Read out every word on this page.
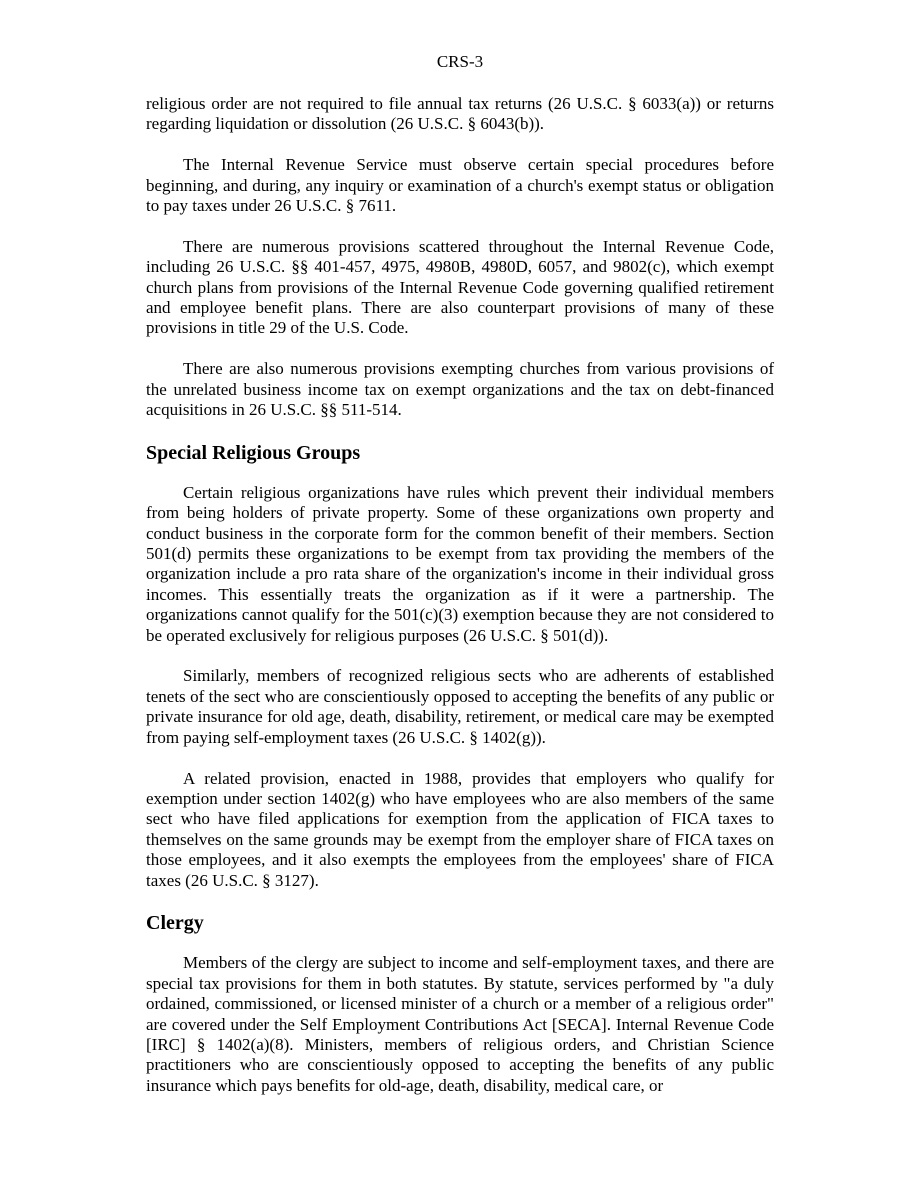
CRS-3

religious order are not required to file annual tax returns (26 U.S.C. § 6033(a)) or returns regarding liquidation or dissolution (26 U.S.C. § 6043(b)).

The Internal Revenue Service must observe certain special procedures before beginning, and during, any inquiry or examination of a church's exempt status or obligation to pay taxes under 26 U.S.C. § 7611.

There are numerous provisions scattered throughout the Internal Revenue Code, including 26 U.S.C. §§ 401-457, 4975, 4980B, 4980D, 6057, and 9802(c), which exempt church plans from provisions of the Internal Revenue Code governing qualified retirement and employee benefit plans. There are also counterpart provisions of many of these provisions in title 29 of the U.S. Code.

There are also numerous provisions exempting churches from various provisions of the unrelated business income tax on exempt organizations and the tax on debt-financed acquisitions in 26 U.S.C. §§ 511-514.

Special Religious Groups

Certain religious organizations have rules which prevent their individual members from being holders of private property. Some of these organizations own property and conduct business in the corporate form for the common benefit of their members. Section 501(d) permits these organizations to be exempt from tax providing the members of the organization include a pro rata share of the organization's income in their individual gross incomes. This essentially treats the organization as if it were a partnership. The organizations cannot qualify for the 501(c)(3) exemption because they are not considered to be operated exclusively for religious purposes (26 U.S.C. § 501(d)).

Similarly, members of recognized religious sects who are adherents of established tenets of the sect who are conscientiously opposed to accepting the benefits of any public or private insurance for old age, death, disability, retirement, or medical care may be exempted from paying self-employment taxes (26 U.S.C. § 1402(g)).

A related provision, enacted in 1988, provides that employers who qualify for exemption under section 1402(g) who have employees who are also members of the same sect who have filed applications for exemption from the application of FICA taxes to themselves on the same grounds may be exempt from the employer share of FICA taxes on those employees, and it also exempts the employees from the employees' share of FICA taxes (26 U.S.C. § 3127).

Clergy

Members of the clergy are subject to income and self-employment taxes, and there are special tax provisions for them in both statutes. By statute, services performed by "a duly ordained, commissioned, or licensed minister of a church or a member of a religious order" are covered under the Self Employment Contributions Act [SECA]. Internal Revenue Code [IRC] § 1402(a)(8). Ministers, members of religious orders, and Christian Science practitioners who are conscientiously opposed to accepting the benefits of any public insurance which pays benefits for old-age, death, disability, medical care, or
